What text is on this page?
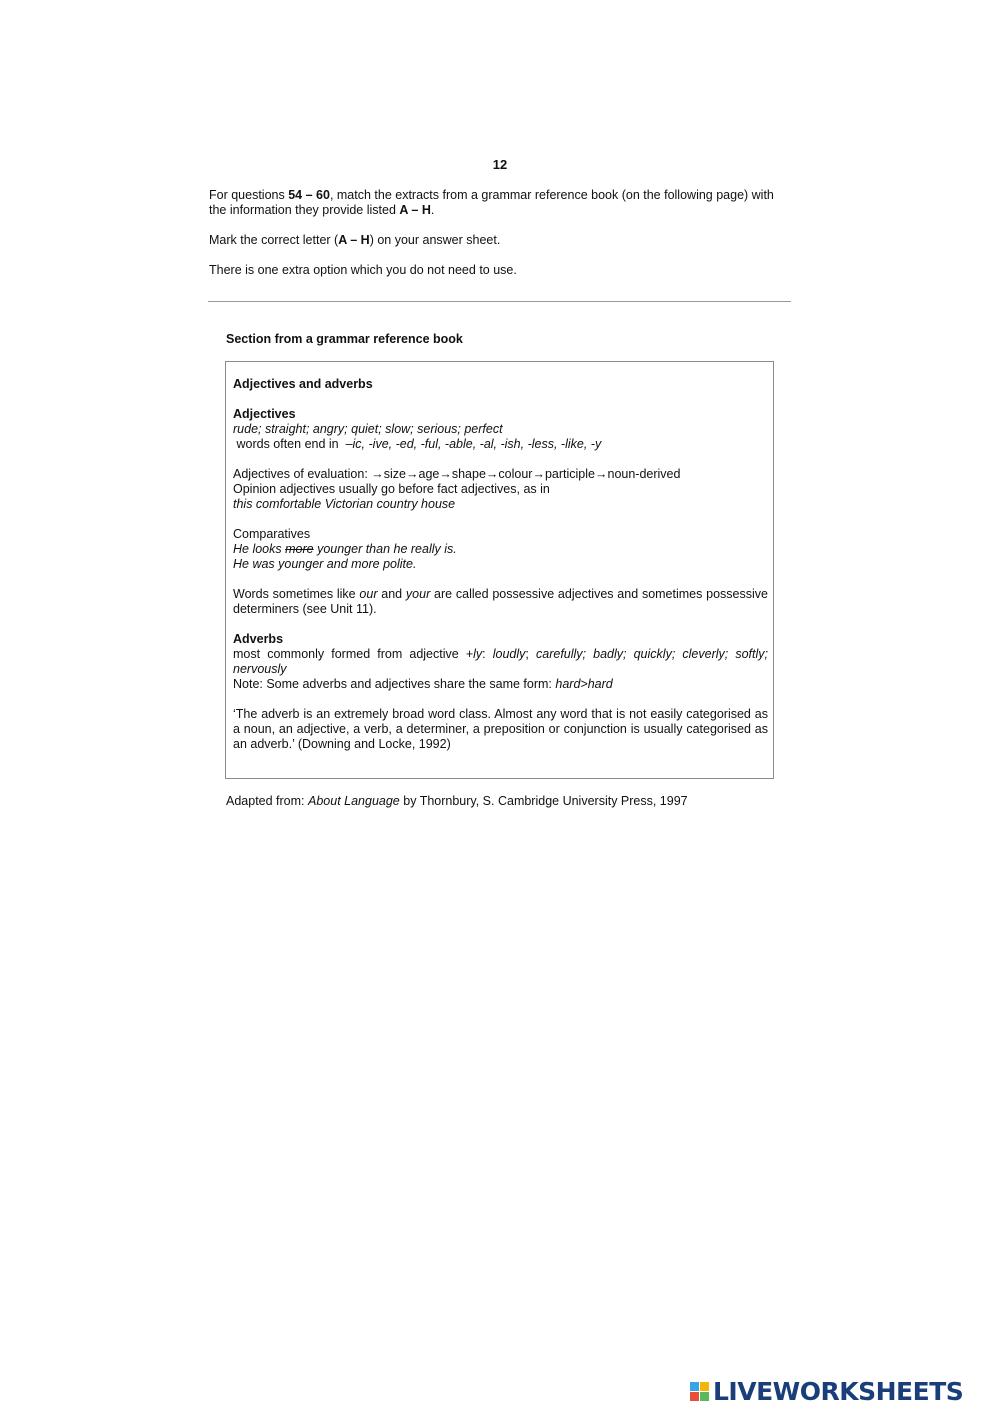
12

For questions 54 – 60, match the extracts from a grammar reference book (on the following page) with the information they provide listed A – H.

Mark the correct letter (A – H) on your answer sheet.

There is one extra option which you do not need to use.

Section from a grammar reference book
Adjectives and adverbs
Adjectives
rude; straight; angry; quiet; slow; serious; perfect
words often end in  –ic, -ive, -ed, -ful, -able, -al, -ish, -less, -like, -y
Adjectives of evaluation: →size→age→shape→colour→participle→noun-derived
Opinion adjectives usually go before fact adjectives, as in
this comfortable Victorian country house
Comparatives
He looks more younger than he really is.
He was younger and more polite.
Words sometimes like our and your are called possessive adjectives and sometimes possessive determiners (see Unit 11).
Adverbs
most commonly formed from adjective +ly: loudly; carefully; badly; quickly; cleverly; softly; nervously
Note: Some adverbs and adjectives share the same form: hard>hard
‘The adverb is an extremely broad word class. Almost any word that is not easily categorised as a noun, an adjective, a verb, a determiner, a preposition or conjunction is usually categorised as an adverb.’ (Downing and Locke, 1992)
Adapted from: About Language by Thornbury, S. Cambridge University Press, 1997
LIVEWORKSHEETS
